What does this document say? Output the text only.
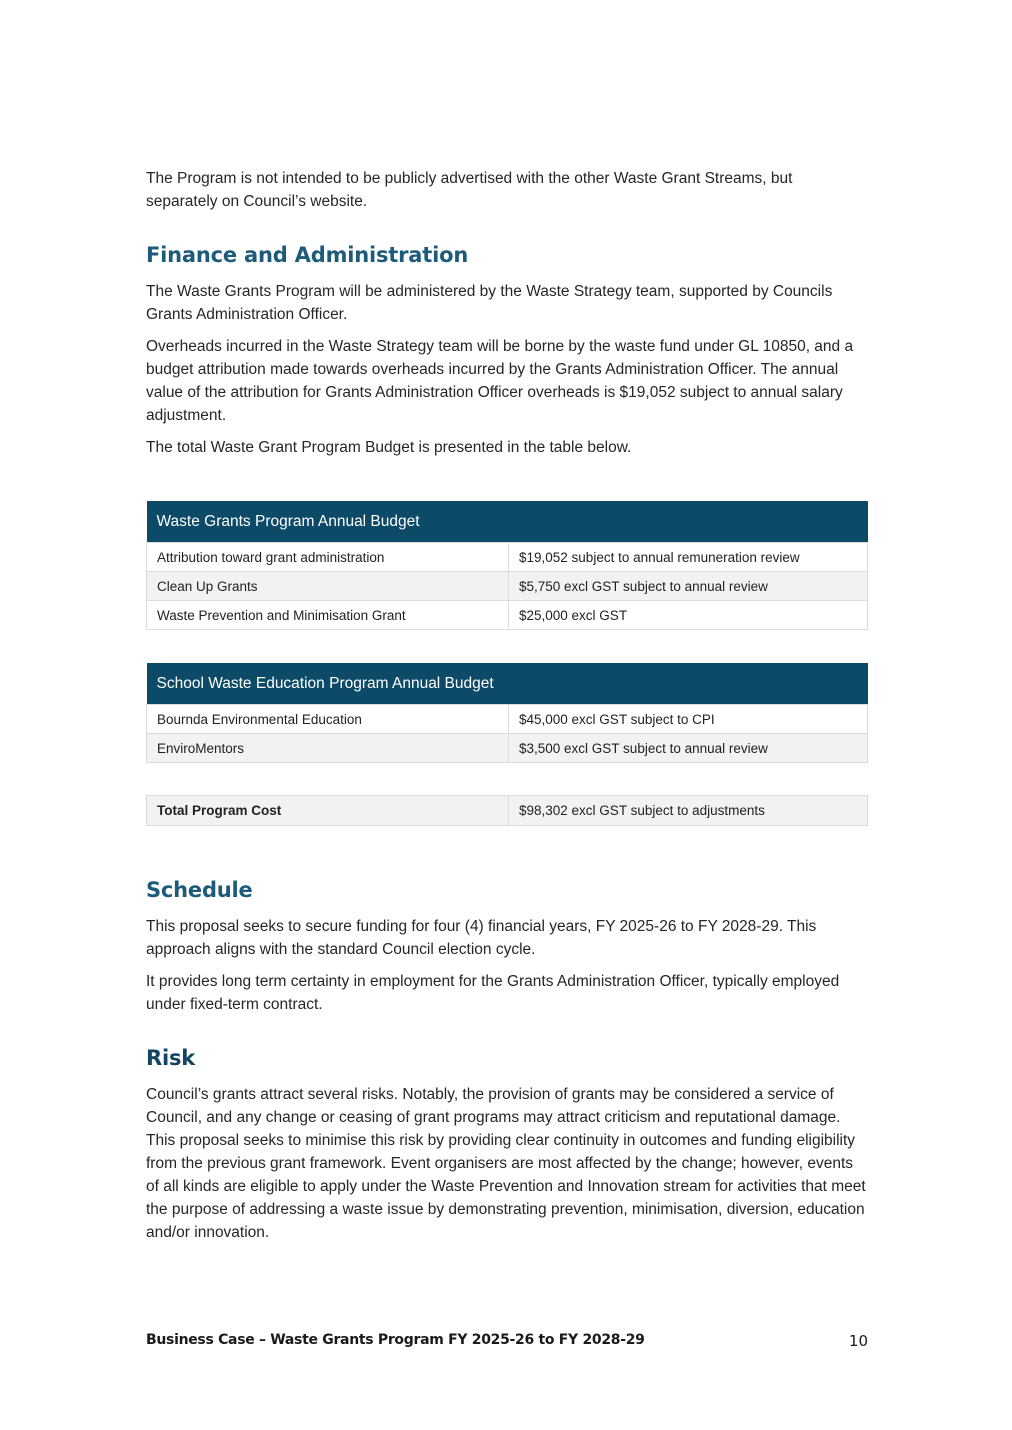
The Program is not intended to be publicly advertised with the other Waste Grant Streams, but separately on Council’s website.

Finance and Administration

The Waste Grants Program will be administered by the Waste Strategy team, supported by Councils Grants Administration Officer.

Overheads incurred in the Waste Strategy team will be borne by the waste fund under GL 10850, and a budget attribution made towards overheads incurred by the Grants Administration Officer. The annual value of the attribution for Grants Administration Officer overheads is $19,052 subject to annual salary adjustment.

The total Waste Grant Program Budget is presented in the table below.

Waste Grants Program Annual Budget	
Attribution toward grant administration	$19,052 subject to annual remuneration review
Clean Up Grants	$5,750 excl GST subject to annual review
Waste Prevention and Minimisation Grant	$25,000 excl GST
School Waste Education Program Annual Budget	
Bournda Environmental Education	$45,000 excl GST subject to CPI
EnviroMentors	$3,500 excl GST subject to annual review
Total Program Cost	$98,302 excl GST subject to adjustments
Schedule

This proposal seeks to secure funding for four (4) financial years, FY 2025-26 to FY 2028-29. This approach aligns with the standard Council election cycle.

It provides long term certainty in employment for the Grants Administration Officer, typically employed under fixed-term contract.

Risk

Council’s grants attract several risks. Notably, the provision of grants may be considered a service of Council, and any change or ceasing of grant programs may attract criticism and reputational damage. This proposal seeks to minimise this risk by providing clear continuity in outcomes and funding eligibility from the previous grant framework. Event organisers are most affected by the change; however, events of all kinds are eligible to apply under the Waste Prevention and Innovation stream for activities that meet the purpose of addressing a waste issue by demonstrating prevention, minimisation, diversion, education and/or innovation.

Business Case – Waste Grants Program FY 2025-26 to FY 2028-29	10
